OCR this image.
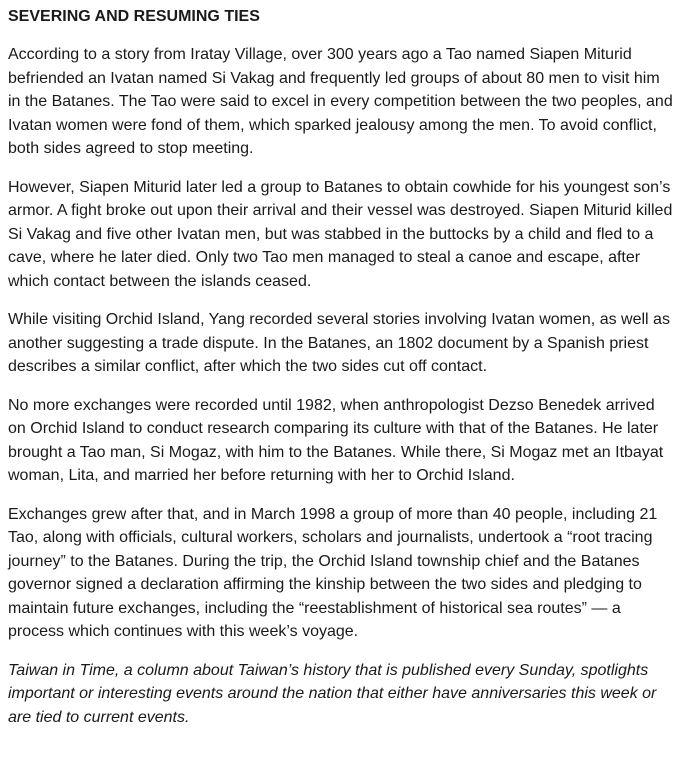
SEVERING AND RESUMING TIES

According to a story from Iratay Village, over 300 years ago a Tao named Siapen Miturid befriended an Ivatan named Si Vakag and frequently led groups of about 80 men to visit him in the Batanes. The Tao were said to excel in every competition between the two peoples, and Ivatan women were fond of them, which sparked jealousy among the men. To avoid conflict, both sides agreed to stop meeting.

However, Siapen Miturid later led a group to Batanes to obtain cowhide for his youngest son’s armor. A fight broke out upon their arrival and their vessel was destroyed. Siapen Miturid killed Si Vakag and five other Ivatan men, but was stabbed in the buttocks by a child and fled to a cave, where he later died. Only two Tao men managed to steal a canoe and escape, after which contact between the islands ceased.

While visiting Orchid Island, Yang recorded several stories involving Ivatan women, as well as another suggesting a trade dispute. In the Batanes, an 1802 document by a Spanish priest describes a similar conflict, after which the two sides cut off contact.

No more exchanges were recorded until 1982, when anthropologist Dezso Benedek arrived on Orchid Island to conduct research comparing its culture with that of the Batanes. He later brought a Tao man, Si Mogaz, with him to the Batanes. While there, Si Mogaz met an Itbayat woman, Lita, and married her before returning with her to Orchid Island.

Exchanges grew after that, and in March 1998 a group of more than 40 people, including 21 Tao, along with officials, cultural workers, scholars and journalists, undertook a “root tracing journey” to the Batanes. During the trip, the Orchid Island township chief and the Batanes governor signed a declaration affirming the kinship between the two sides and pledging to maintain future exchanges, including the “reestablishment of historical sea routes” — a process which continues with this week’s voyage.

Taiwan in Time, a column about Taiwan’s history that is published every Sunday, spotlights important or interesting events around the nation that either have anniversaries this week or are tied to current events.
